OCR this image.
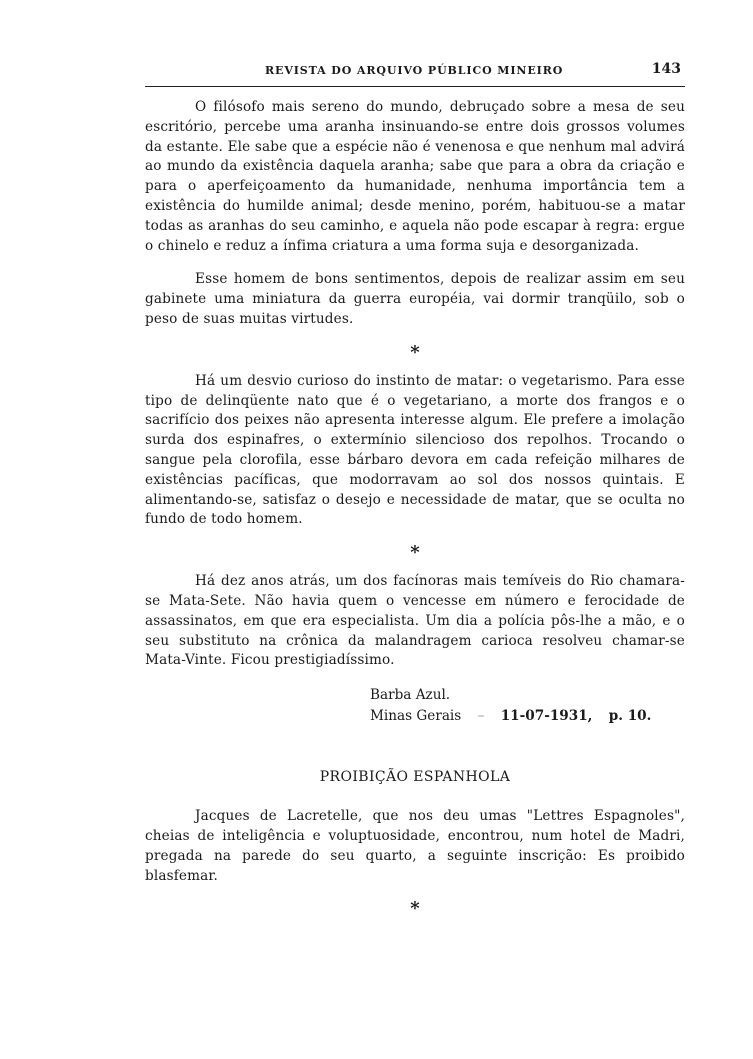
REVISTA DO ARQUIVO PÚBLICO MINEIRO	143

O filósofo mais sereno do mundo, debruçado sobre a mesa de seu escritório, percebe uma aranha insinuando-se entre dois grossos volumes da estante. Ele sabe que a espécie não é venenosa e que nenhum mal advirá ao mundo da existência daquela aranha; sabe que para a obra da criação e para o aperfeiçoamento da humanidade, nenhuma importância tem a existência do humilde animal; desde menino, porém, habituou-se a matar todas as aranhas do seu caminho, e aquela não pode escapar à regra: ergue o chinelo e reduz a ínfima criatura a uma forma suja e desorganizada.

Esse homem de bons sentimentos, depois de realizar assim em seu gabinete uma miniatura da guerra européia, vai dormir tranqüilo, sob o peso de suas muitas virtudes.

*

Há um desvio curioso do instinto de matar: o vegetarismo. Para esse tipo de delinqüente nato que é o vegetariano, a morte dos frangos e o sacrifício dos peixes não apresenta interesse algum. Ele prefere a imolação surda dos espinafres, o extermínio silencioso dos repolhos. Trocando o sangue pela clorofila, esse bárbaro devora em cada refeição milhares de existências pacíficas, que modorravam ao sol dos nossos quintais. E alimentando-se, satisfaz o desejo e necessidade de matar, que se oculta no fundo de todo homem.

*

Há dez anos atrás, um dos facínoras mais temíveis do Rio chamara-se Mata-Sete. Não havia quem o vencesse em número e ferocidade de assassinatos, em que era especialista. Um dia a polícia pôs-lhe a mão, e o seu substituto na crônica da malandragem carioca resolveu chamar-se Mata-Vinte. Ficou prestigiadíssimo.

Barba Azul.
Minas Gerais – 11-07-1931, p. 10.
PROIBIÇÃO ESPANHOLA

Jacques de Lacretelle, que nos deu umas "Lettres Espagnoles", cheias de inteligência e voluptuosidade, encontrou, num hotel de Madri, pregada na parede do seu quarto, a seguinte inscrição: Es proibido blasfemar.

*
